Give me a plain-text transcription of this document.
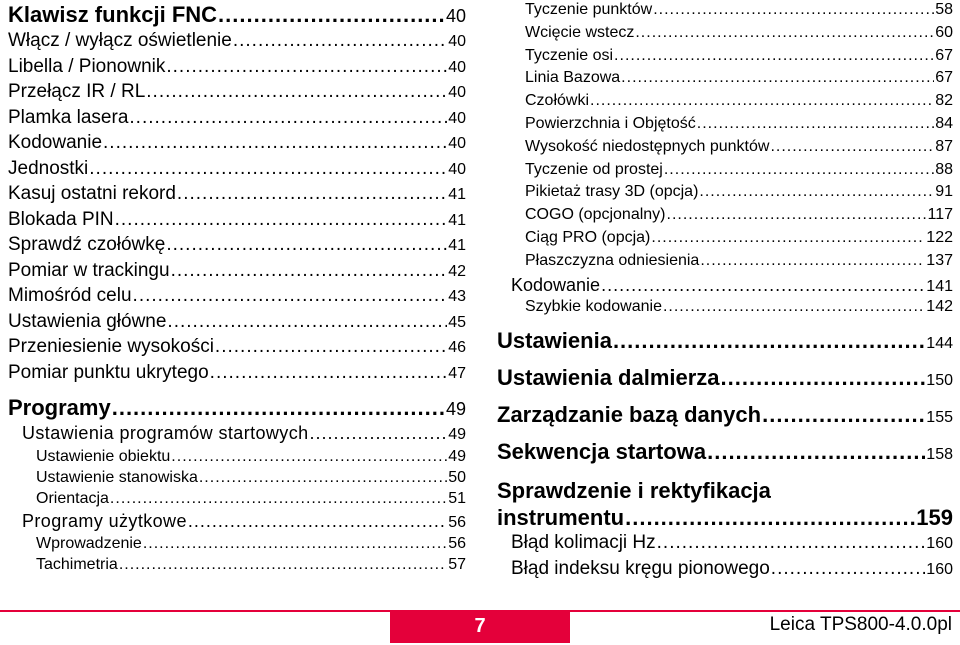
Klawisz funkcji FNC .....	40
Włącz / wyłącz oświetlenie .....	40
Libella / Pionownik .....	40
Przełącz IR / RL .....	40
Plamka lasera .....	40
Kodowanie .....	40
Jednostki .....	40
Kasuj ostatni rekord .....	41
Blokada PIN .....	41
Sprawdź czołówkę .....	41
Pomiar w trackingu .....	42
Mimośród celu .....	43
Ustawienia główne .....	45
Przeniesienie wysokości .....	46
Pomiar punktu ukrytego .....	47
Programy .....	49
Ustawienia programów startowych .....	49
Ustawienie obiektu .....	49
Ustawienie stanowiska .....	50
Orientacja .....	51
Programy użytkowe .....	56
Wprowadzenie .....	56
Tachimetria .....	57
Tyczenie punktów .....	58
Wcięcie wstecz .....	60
Tyczenie osi .....	67
Linia Bazowa .....	67
Czołówki .....	82
Powierzchnia i Objętość .....	84
Wysokość niedostępnych punktów .....	87
Tyczenie od prostej .....	88
Pikietaż trasy 3D (opcja) .....	91
COGO (opcjonalny) .....	117
Ciąg PRO (opcja) .....	122
Płaszczyzna odniesienia .....	137
Kodowanie .....	141
Szybkie kodowanie .....	142
Ustawienia .....	144
Ustawienia dalmierza .....	150
Zarządzanie bazą danych .....	155
Sekwencja startowa .....	158
Sprawdzenie i rektyfikacja
instrumentu .....	159
Błąd kolimacji Hz .....	160
Błąd indeksu kręgu pionowego .....	160
7	Leica TPS800-4.0.0pl
